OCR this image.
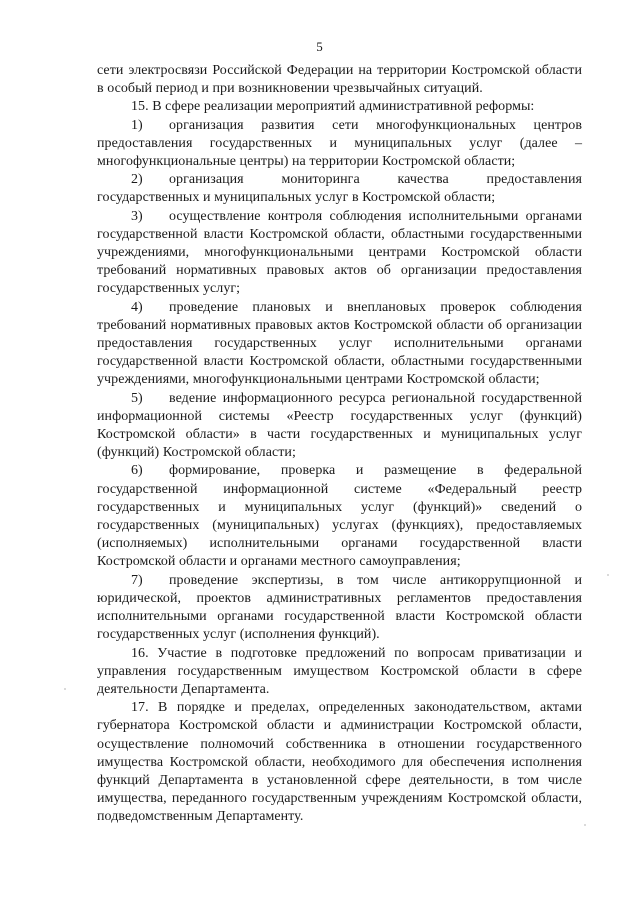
5

сети электросвязи Российской Федерации на территории Костромской области в особый период и при возникновении чрезвычайных ситуаций.

15. В сфере реализации мероприятий административной реформы:

1) организация развития сети многофункциональных центров предоставления государственных и муниципальных услуг (далее – многофункциональные центры) на территории Костромской области;

2) организация мониторинга качества предоставления государственных и муниципальных услуг в Костромской области;

3) осуществление контроля соблюдения исполнительными органами государственной власти Костромской области, областными государственными учреждениями, многофункциональными центрами Костромской области требований нормативных правовых актов об организации предоставления государственных услуг;

4) проведение плановых и внеплановых проверок соблюдения требований нормативных правовых актов Костромской области об организации предоставления государственных услуг исполнительными органами государственной власти Костромской области, областными государственными учреждениями, многофункциональными центрами Костромской области;

5) ведение информационного ресурса региональной государственной информационной системы «Реестр государственных услуг (функций) Костромской области» в части государственных и муниципальных услуг (функций) Костромской области;

6) формирование, проверка и размещение в федеральной государственной информационной системе «Федеральный реестр государственных и муниципальных услуг (функций)» сведений о государственных (муниципальных) услугах (функциях), предоставляемых (исполняемых) исполнительными органами государственной власти Костромской области и органами местного самоуправления;

7) проведение экспертизы, в том числе антикоррупционной и юридической, проектов административных регламентов предоставления исполнительными органами государственной власти Костромской области государственных услуг (исполнения функций).

16. Участие в подготовке предложений по вопросам приватизации и управления государственным имуществом Костромской области в сфере деятельности Департамента.

17. В порядке и пределах, определенных законодательством, актами губернатора Костромской области и администрации Костромской области, осуществление полномочий собственника в отношении государственного имущества Костромской области, необходимого для обеспечения исполнения функций Департамента в установленной сфере деятельности, в том числе имущества, переданного государственным учреждениям Костромской области, подведомственным Департаменту.
